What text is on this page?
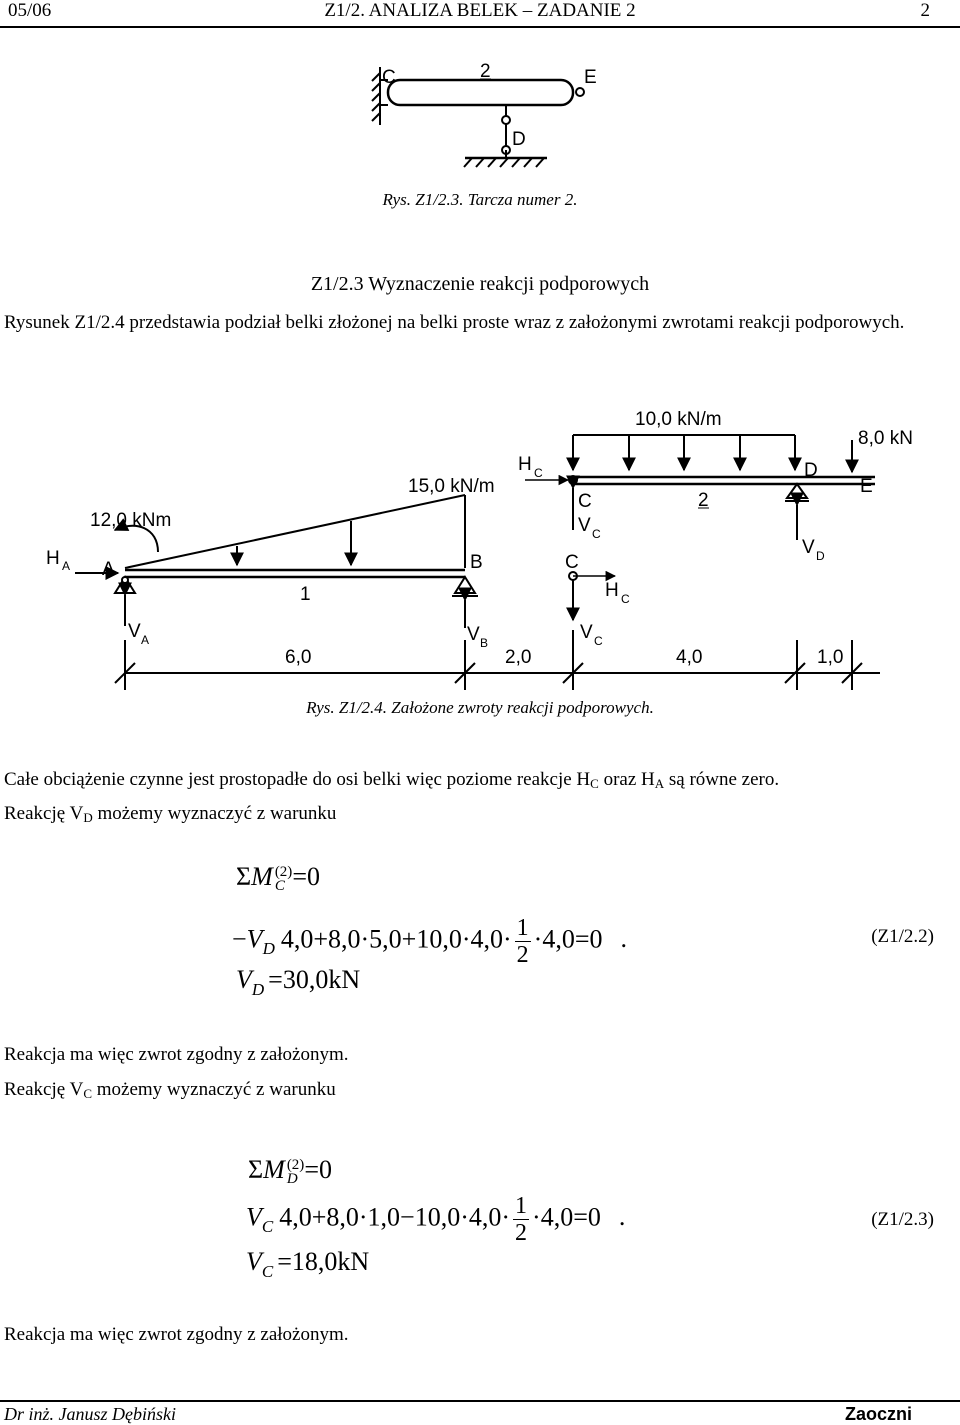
05/06	Z1/2. ANALIZA BELEK – ZADANIE 2	2
C	2	E
D
Rys. Z1/2.3. Tarcza numer 2.
Z1/2.3 Wyznaczenie reakcji podporowych
Rysunek Z1/2.4 przedstawia podział belki złożonej na belki proste wraz z założonymi zwrotami reakcji podporowych.
10,0 kN/m
8,0 kN
15,0 kN/m
12,0 kNm
H A A	B	C
C
D
E
1
2
H C
H C
V C
V C
V A	V B
V D
6,0	2,0	4,0	1,0
Rys. Z1/2.4. Założone zwroty reakcji podporowych.
Całe obciążenie czynne jest prostopadłe do osi belki więc poziome reakcje $H_C$ oraz HA są równe zero.
Reakcję VD możemy wyznaczyć z warunku
ΣM (2)
C =0
$-V_D$ $4,0+8,0\cdot 5,0+10,0\cdot 4,0\cdot \frac{1}{2} \cdot 4,0=0$ .
$V_D =30,0kN$
(Z1/2.2)
Reakcja ma więc zwrot zgodny z założonym.
Reakcję VC możemy wyznaczyć z warunku
ΣM (2)
D =0
$V_C$ $4,0+8,0\cdot 1,0-10,0\cdot 4,0\cdot \frac{1}{2} \cdot 4,0=0$ .
$V_C =18,0kN$
(Z1/2.3)
Reakcja ma więc zwrot zgodny z założonym.
Dr inż. Janusz Dębiński	Zaoczni
